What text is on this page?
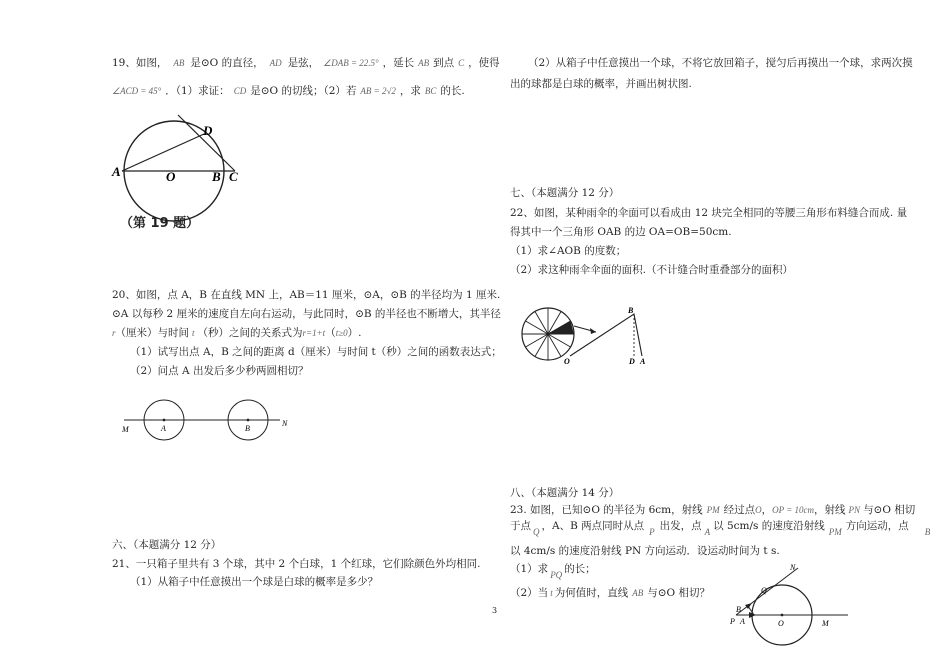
19、如图， AB 是⊙O 的直径， AD 是弦， ∠DAB = 22.5° ，延长 AB 到点 C ，使得
∠ACD = 45° ．（1）求证： CD 是⊙O 的切线；（2）若 AB = 2√2 ，求 BC 的长.
A	O	B C
D
（第 19 题）
20、如图，点 A，B 在直线 MN 上，AB＝11 厘米，⊙A，⊙B 的半径均为 1 厘米.
⊙A 以每秒 2 厘米的速度自左向右运动，与此同时，⊙B 的半径也不断增大，其半径
r（厘米）与时间 t （秒）之间的关系式为r=1+t（t≥0）.
（1）试写出点 A，B 之间的距离 d（厘米）与时间 t（秒）之间的函数表达式；
（2）问点 A 出发后多少秒两圆相切？
M	A	B
N
六、（本题满分 12 分）
21、一只箱子里共有 3 个球，其中 2 个白球，1 个红球，它们除颜色外均相同.
（1）从箱子中任意摸出一个球是白球的概率是多少？
（2）从箱子中任意摸出一个球，不将它放回箱子，搅匀后再摸出一个球，求两次摸
出的球都是白球的概率，并画出树状图.
七、（本题满分 12 分）
22、如图，某种雨伞的伞面可以看成由 12 块完全相同的等腰三角形布料缝合而成. 量
得其中一个三角形 OAB 的边 OA=OB=50cm.
（1）求∠AOB 的度数；
（2）求这种雨伞伞面的面积.（不计缝合时重叠部分的面积）
B
O	D A
八、（本题满分 14 分）
23. 如图，已知⊙O 的半径为 6cm，射线 PM 经过点O，OP = 10cm，射线 PN 与⊙O 相切
于点 Q ，A、B 两点同时从点 P 出发，点 A 以 5cm/s 的速度沿射线 PM 方向运动，点 B
以 4cm/s 的速度沿射线 PN 方向运动．设运动时间为 t s.
（1）求 PQ 的长；
（2）当 t 为何值时，直线 AB 与⊙O 相切？
N
Q
B
P A	O	M
3
